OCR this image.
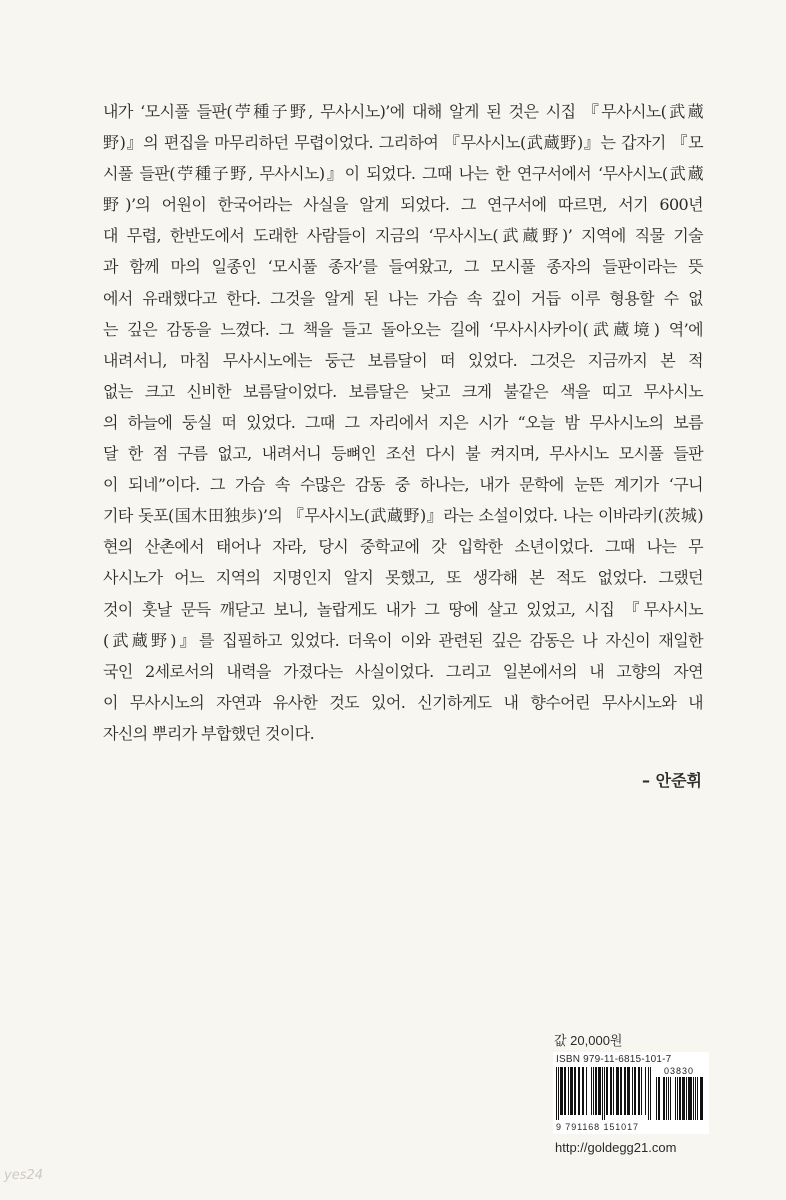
내가 ‘모시풀 들판(苧種子野, 무사시노)’에 대해 알게 된 것은 시집 『무사시노(武蔵
野)』의 편집을 마무리하던 무렵이었다. 그리하여 『무사시노(武蔵野)』는 갑자기 『모
시풀 들판(苧種子野, 무사시노)』이 되었다. 그때 나는 한 연구서에서 ‘무사시노(武蔵
野)’의 어원이 한국어라는 사실을 알게 되었다. 그 연구서에 따르면, 서기 600년
대 무렵, 한반도에서 도래한 사람들이 지금의 ‘무사시노(武蔵野)’ 지역에 직물 기술
과 함께 마의 일종인 ‘모시풀 종자’를 들여왔고, 그 모시풀 종자의 들판이라는 뜻
에서 유래했다고 한다. 그것을 알게 된 나는 가슴 속 깊이 거듭 이루 형용할 수 없
는 깊은 감동을 느꼈다. 그 책을 들고 돌아오는 길에 ‘무사시사카이(武蔵境) 역’에
내려서니, 마침 무사시노에는 둥근 보름달이 떠 있었다. 그것은 지금까지 본 적
없는 크고 신비한 보름달이었다. 보름달은 낮고 크게 불같은 색을 띠고 무사시노
의 하늘에 둥실 떠 있었다. 그때 그 자리에서 지은 시가 “오늘 밤 무사시노의 보름
달 한 점 구름 없고, 내려서니 등뼈인 조선 다시 불 켜지며, 무사시노 모시풀 들판
이 되네”이다. 그 가슴 속 수많은 감동 중 하나는, 내가 문학에 눈뜬 계기가 ‘구니
기타 돗포(国木田独歩)’의 『무사시노(武蔵野)』라는 소설이었다. 나는 이바라키(茨城)
현의 산촌에서 태어나 자라, 당시 중학교에 갓 입학한 소년이었다. 그때 나는 무
사시노가 어느 지역의 지명인지 알지 못했고, 또 생각해 본 적도 없었다. 그랬던
것이 훗날 문득 깨닫고 보니, 놀랍게도 내가 그 땅에 살고 있었고, 시집 『무사시노
(武蔵野)』를 집필하고 있었다. 더욱이 이와 관련된 깊은 감동은 나 자신이 재일한
국인 2세로서의 내력을 가졌다는 사실이었다. 그리고 일본에서의 내 고향의 자연
이 무사시노의 자연과 유사한 것도 있어. 신기하게도 내 향수어린 무사시노와 내
자신의 뿌리가 부합했던 것이다.
– 안준휘
값 20,000원
ISBN 979-11-6815-101-7
03830
9 791168 151017
http://goldegg21.com
yes24
